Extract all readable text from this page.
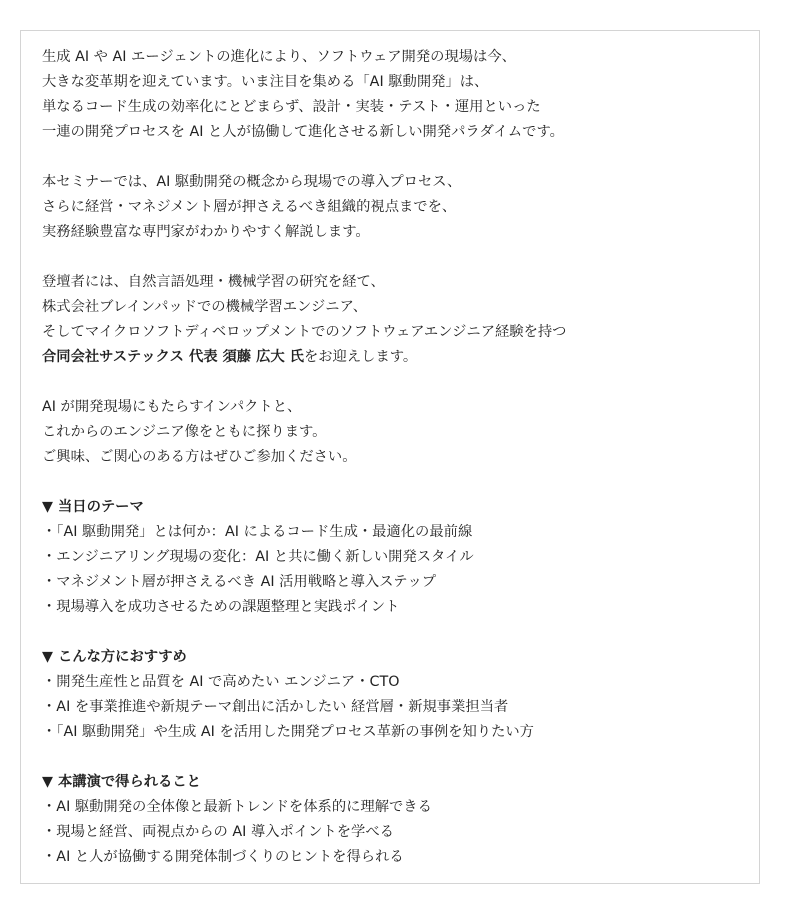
生成 AI や AI エージェントの進化により、ソフトウェア開発の現場は今、
大きな変革期を迎えています。いま注目を集める「AI 駆動開発」は、
単なるコード生成の効率化にとどまらず、設計・実装・テスト・運用といった
一連の開発プロセスを AI と人が協働して進化させる新しい開発パラダイムです。
本セミナーでは、AI 駆動開発の概念から現場での導入プロセス、
さらに経営・マネジメント層が押さえるべき組織的視点までを、
実務経験豊富な専門家がわかりやすく解説します。
登壇者には、自然言語処理・機械学習の研究を経て、
株式会社ブレインパッドでの機械学習エンジニア、
そしてマイクロソフトディベロップメントでのソフトウェアエンジニア経験を持つ
合同会社サステックス 代表 須藤 広大 氏をお迎えします。
AI が開発現場にもたらすインパクトと、
これからのエンジニア像をともに探ります。
ご興味、ご関心のある方はぜひご参加ください。
▼ 当日のテーマ
・「AI 駆動開発」とは何か：AI によるコード生成・最適化の最前線
・エンジニアリング現場の変化：AI と共に働く新しい開発スタイル
・マネジメント層が押さえるべき AI 活用戦略と導入ステップ
・現場導入を成功させるための課題整理と実践ポイント
▼ こんな方におすすめ
・開発生産性と品質を AI で高めたい エンジニア・CTO
・AI を事業推進や新規テーマ創出に活かしたい 経営層・新規事業担当者
・「AI 駆動開発」や生成 AI を活用した開発プロセス革新の事例を知りたい方
▼ 本講演で得られること
・AI 駆動開発の全体像と最新トレンドを体系的に理解できる
・現場と経営、両視点からの AI 導入ポイントを学べる
・AI と人が協働する開発体制づくりのヒントを得られる
